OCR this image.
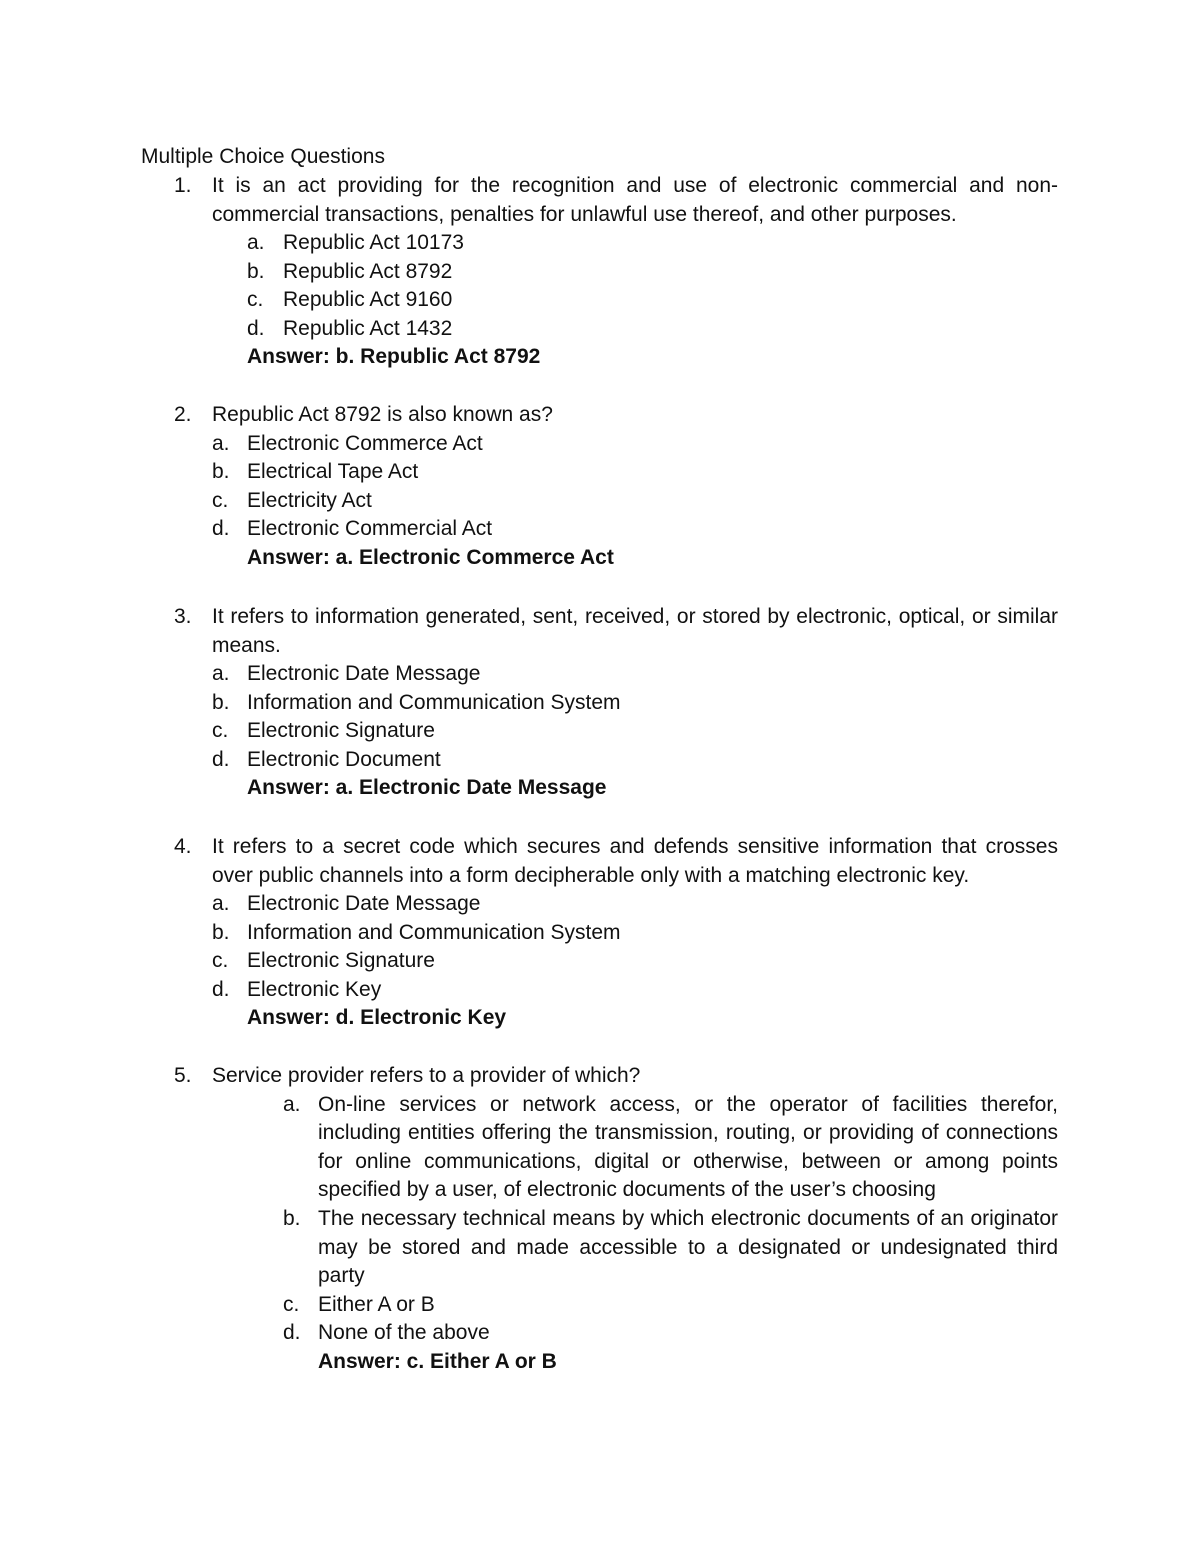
Multiple Choice Questions
1. It is an act providing for the recognition and use of electronic commercial and non-commercial transactions, penalties for unlawful use thereof, and other purposes.
a. Republic Act 10173
b. Republic Act 8792
c. Republic Act 9160
d. Republic Act 1432
Answer: b. Republic Act 8792
2. Republic Act 8792 is also known as?
a. Electronic Commerce Act
b. Electrical Tape Act
c. Electricity Act
d. Electronic Commercial Act
Answer: a. Electronic Commerce Act
3. It refers to information generated, sent, received, or stored by electronic, optical, or similar means.
a. Electronic Date Message
b. Information and Communication System
c. Electronic Signature
d. Electronic Document
Answer: a. Electronic Date Message
4. It refers to a secret code which secures and defends sensitive information that crosses over public channels into a form decipherable only with a matching electronic key.
a. Electronic Date Message
b. Information and Communication System
c. Electronic Signature
d. Electronic Key
Answer: d. Electronic Key
5. Service provider refers to a provider of which?
a. On-line services or network access, or the operator of facilities therefor, including entities offering the transmission, routing, or providing of connections for online communications, digital or otherwise, between or among points specified by a user, of electronic documents of the user’s choosing
b. The necessary technical means by which electronic documents of an originator may be stored and made accessible to a designated or undesignated third party
c. Either A or B
d. None of the above
Answer: c. Either A or B
